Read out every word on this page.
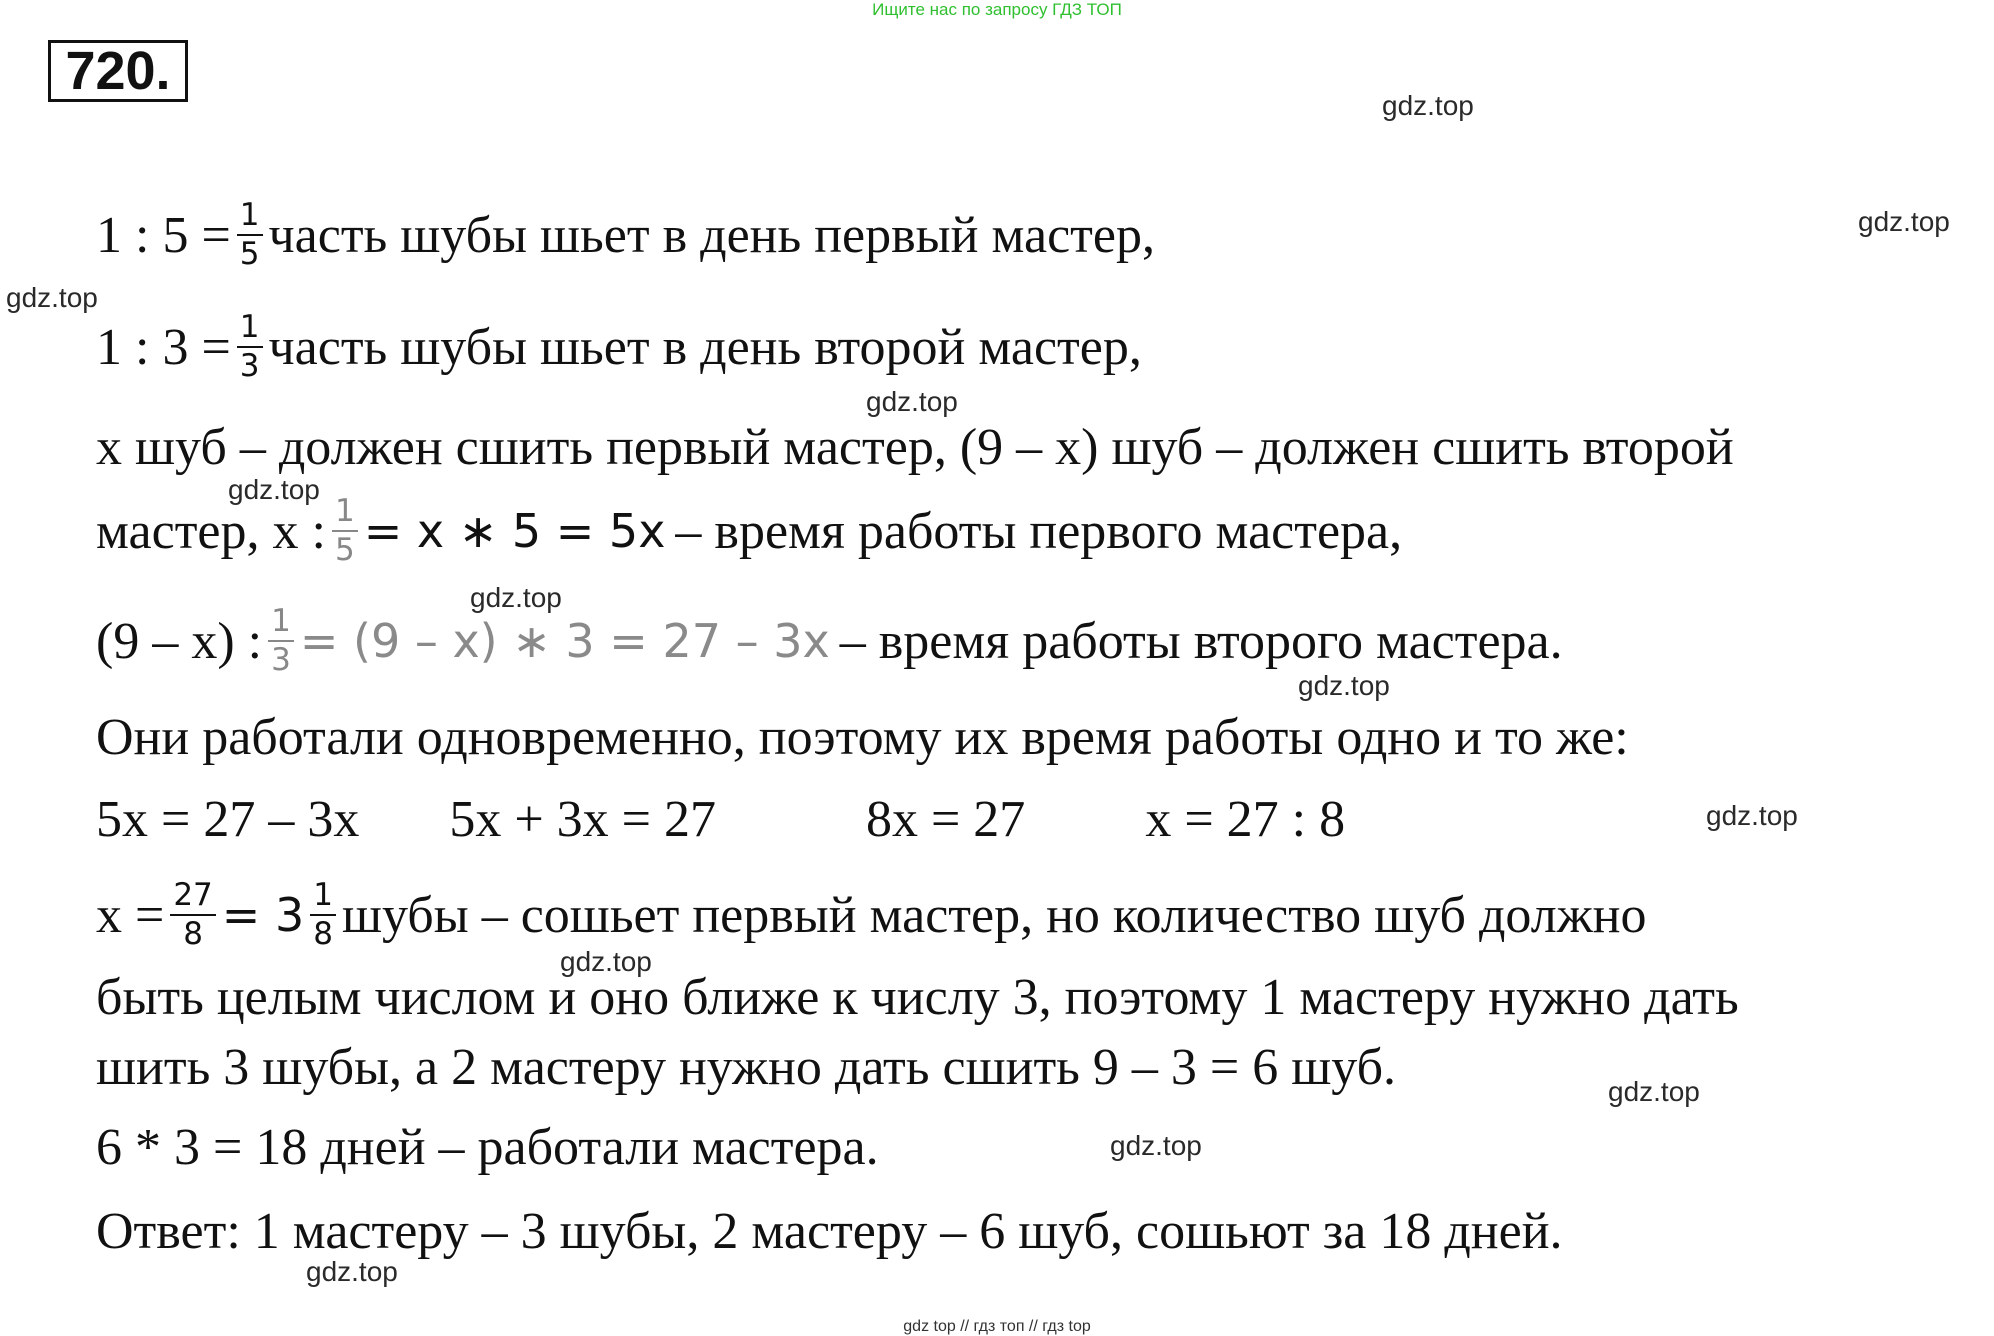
Ищите нас по запросу ГДЗ ТОП
720.
gdz.top
gdz.top
gdz.top
gdz.top
gdz.top
gdz.top
gdz.top
gdz.top
gdz.top
gdz.top
gdz.top
gdz.top
1 : $5 = \frac{1}{5}$ часть шубы шьет в день первый мастер,
1 : $3 = \frac{1}{3}$ часть шубы шьет в день второй мастер,
x шуб – должен сшить первый мастер, (9 – x) шуб – должен сшить второй
мастер, x : $\frac{1}{5} = x$ ∗ 5 = 5x – время работы первого мастера,
(9 – x) : $\frac{1}{3} = (9 - x)$ ∗ 3 = 27 – 3x – время работы второго мастера.
Они работали одновременно, поэтому их время работы одно и то же:
5x = 27 – 3x 5x + 3x = 27	8x = 27 x = 27 : 8
$x = \frac{27}{8} = 3 \frac{1}{8}$ шубы – сошьет первый мастер, но количество шуб должно
быть целым числом и оно ближе к числу 3, поэтому 1 мастеру нужно дать
шить 3 шубы, а 2 мастеру нужно дать сшить 9 – 3 = 6 шуб.
6 * 3 = 18 дней – работали мастера.
Ответ: 1 мастеру – 3 шубы, 2 мастеру – 6 шуб, сошьют за 18 дней.
gdz top // гдз топ // гдз top
